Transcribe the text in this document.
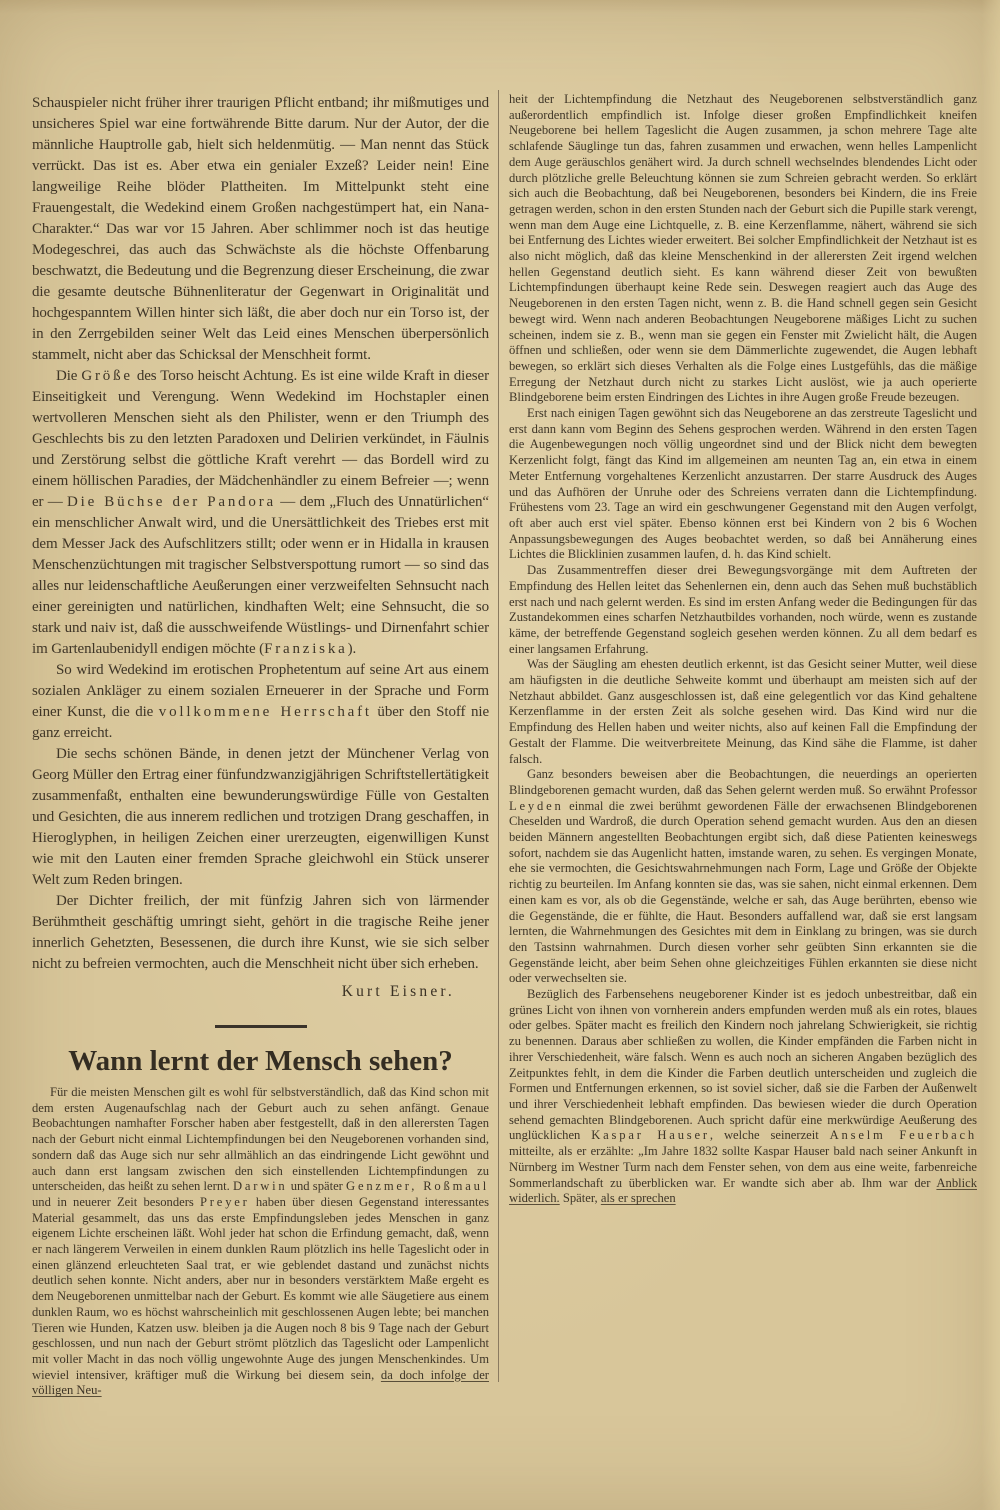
Schauspieler nicht früher ihrer traurigen Pflicht entband; ihr mißmutiges und unsicheres Spiel war eine fortwährende Bitte darum. Nur der Autor, der die männliche Hauptrolle gab, hielt sich heldenmütig. — Man nennt das Stück verrückt. Das ist es. Aber etwa ein genialer Exzeß? Leider nein! Eine langweilige Reihe blöder Plattheiten. Im Mittelpunkt steht eine Frauengestalt, die Wedekind einem Großen nachgestümpert hat, ein Nana-Charakter.“ Das war vor 15 Jahren. Aber schlimmer noch ist das heutige Modegeschrei, das auch das Schwächste als die höchste Offenbarung beschwatzt, die Bedeutung und die Begrenzung dieser Erscheinung, die zwar die gesamte deutsche Bühnenliteratur der Gegenwart in Originalität und hochgespanntem Willen hinter sich läßt, die aber doch nur ein Torso ist, der in den Zerrgebilden seiner Welt das Leid eines Menschen überpersönlich stammelt, nicht aber das Schicksal der Menschheit formt.

Die Größe des Torso heischt Achtung. Es ist eine wilde Kraft in dieser Einseitigkeit und Verengung. Wenn Wedekind im Hochstapler einen wertvolleren Menschen sieht als den Philister, wenn er den Triumph des Geschlechts bis zu den letzten Paradoxen und Delirien verkündet, in Fäulnis und Zerstörung selbst die göttliche Kraft verehrt — das Bordell wird zu einem höllischen Paradies, der Mädchenhändler zu einem Befreier —; wenn er — Die Büchse der Pandora — dem „Fluch des Unnatürlichen“ ein menschlicher Anwalt wird, und die Unersättlichkeit des Triebes erst mit dem Messer Jack des Aufschlitzers stillt; oder wenn er in Hidalla in krausen Menschenzüchtungen mit tragischer Selbstverspottung rumort — so sind das alles nur leidenschaftliche Aeußerungen einer verzweifelten Sehnsucht nach einer gereinigten und natürlichen, kindhaften Welt; eine Sehnsucht, die so stark und naiv ist, daß die ausschweifende Wüstlings- und Dirnenfahrt schier im Gartenlaubenidyll endigen möchte (Franziska).

So wird Wedekind im erotischen Prophetentum auf seine Art aus einem sozialen Ankläger zu einem sozialen Erneuerer in der Sprache und Form einer Kunst, die die vollkommene Herrschaft über den Stoff nie ganz erreicht.

Die sechs schönen Bände, in denen jetzt der Münchener Verlag von Georg Müller den Ertrag einer fünfundzwanzigjährigen Schriftstellertätigkeit zusammenfaßt, enthalten eine bewunderungswürdige Fülle von Gestalten und Gesichten, die aus innerem redlichen und trotzigen Drang geschaffen, in Hieroglyphen, in heiligen Zeichen einer urerzeugten, eigenwilligen Kunst wie mit den Lauten einer fremden Sprache gleichwohl ein Stück unserer Welt zum Reden bringen.

Der Dichter freilich, der mit fünfzig Jahren sich von lärmender Berühmtheit geschäftig umringt sieht, gehört in die tragische Reihe jener innerlich Gehetzten, Besessenen, die durch ihre Kunst, wie sie sich selber nicht zu befreien vermochten, auch die Menschheit nicht über sich erheben.

Kurt Eisner.
Wann lernt der Mensch sehen?

Für die meisten Menschen gilt es wohl für selbstverständlich, daß das Kind schon mit dem ersten Augenaufschlag nach der Geburt auch zu sehen anfängt. Genaue Beobachtungen namhafter Forscher haben aber festgestellt, daß in den allerersten Tagen nach der Geburt nicht einmal Lichtempfindungen bei den Neugeborenen vorhanden sind, sondern daß das Auge sich nur sehr allmählich an das eindringende Licht gewöhnt und auch dann erst langsam zwischen den sich einstellenden Lichtempfindungen zu unterscheiden, das heißt zu sehen lernt. Darwin und später Genzmer, Roßmaul und in neuerer Zeit besonders Preyer haben über diesen Gegenstand interessantes Material gesammelt, das uns das erste Empfindungsleben jedes Menschen in ganz eigenem Lichte erscheinen läßt. Wohl jeder hat schon die Erfindung gemacht, daß, wenn er nach längerem Verweilen in einem dunklen Raum plötzlich ins helle Tageslicht oder in einen glänzend erleuchteten Saal trat, er wie geblendet dastand und zunächst nichts deutlich sehen konnte. Nicht anders, aber nur in besonders verstärktem Maße ergeht es dem Neugeborenen unmittelbar nach der Geburt. Es kommt wie alle Säugetiere aus einem dunklen Raum, wo es höchst wahrscheinlich mit geschlossenen Augen lebte; bei manchen Tieren wie Hunden, Katzen usw. bleiben ja die Augen noch 8 bis 9 Tage nach der Geburt geschlossen, und nun nach der Geburt strömt plötzlich das Tageslicht oder Lampenlicht mit voller Macht in das noch völlig ungewohnte Auge des jungen Menschenkindes. Um wieviel intensiver, kräftiger muß die Wirkung bei diesem sein, da doch infolge der völligen Neu-

heit der Lichtempfindung die Netzhaut des Neugeborenen selbstverständlich ganz außerordentlich empfindlich ist. Infolge dieser großen Empfindlichkeit kneifen Neugeborene bei hellem Tageslicht die Augen zusammen, ja schon mehrere Tage alte schlafende Säuglinge tun das, fahren zusammen und erwachen, wenn helles Lampenlicht dem Auge geräuschlos genähert wird. Ja durch schnell wechselndes blendendes Licht oder durch plötzliche grelle Beleuchtung können sie zum Schreien gebracht werden. So erklärt sich auch die Beobachtung, daß bei Neugeborenen, besonders bei Kindern, die ins Freie getragen werden, schon in den ersten Stunden nach der Geburt sich die Pupille stark verengt, wenn man dem Auge eine Lichtquelle, z. B. eine Kerzenflamme, nähert, während sie sich bei Entfernung des Lichtes wieder erweitert. Bei solcher Empfindlichkeit der Netzhaut ist es also nicht möglich, daß das kleine Menschenkind in der allerersten Zeit irgend welchen hellen Gegenstand deutlich sieht. Es kann während dieser Zeit von bewußten Lichtempfindungen überhaupt keine Rede sein. Deswegen reagiert auch das Auge des Neugeborenen in den ersten Tagen nicht, wenn z. B. die Hand schnell gegen sein Gesicht bewegt wird. Wenn nach anderen Beobachtungen Neugeborene mäßiges Licht zu suchen scheinen, indem sie z. B., wenn man sie gegen ein Fenster mit Zwielicht hält, die Augen öffnen und schließen, oder wenn sie dem Dämmerlichte zugewendet, die Augen lebhaft bewegen, so erklärt sich dieses Verhalten als die Folge eines Lustgefühls, das die mäßige Erregung der Netzhaut durch nicht zu starkes Licht auslöst, wie ja auch operierte Blindgeborene beim ersten Eindringen des Lichtes in ihre Augen große Freude bezeugen.

Erst nach einigen Tagen gewöhnt sich das Neugeborene an das zerstreute Tageslicht und erst dann kann vom Beginn des Sehens gesprochen werden. Während in den ersten Tagen die Augenbewegungen noch völlig ungeordnet sind und der Blick nicht dem bewegten Kerzenlicht folgt, fängt das Kind im allgemeinen am neunten Tag an, ein etwa in einem Meter Entfernung vorgehaltenes Kerzenlicht anzustarren. Der starre Ausdruck des Auges und das Aufhören der Unruhe oder des Schreiens verraten dann die Lichtempfindung. Frühestens vom 23. Tage an wird ein geschwungener Gegenstand mit den Augen verfolgt, oft aber auch erst viel später. Ebenso können erst bei Kindern von 2 bis 6 Wochen Anpassungsbewegungen des Auges beobachtet werden, so daß bei Annäherung eines Lichtes die Blicklinien zusammen laufen, d. h. das Kind schielt.

Das Zusammentreffen dieser drei Bewegungsvorgänge mit dem Auftreten der Empfindung des Hellen leitet das Sehenlernen ein, denn auch das Sehen muß buchstäblich erst nach und nach gelernt werden. Es sind im ersten Anfang weder die Bedingungen für das Zustandekommen eines scharfen Netzhautbildes vorhanden, noch würde, wenn es zustande käme, der betreffende Gegenstand sogleich gesehen werden können. Zu all dem bedarf es einer langsamen Erfahrung.

Was der Säugling am ehesten deutlich erkennt, ist das Gesicht seiner Mutter, weil diese am häufigsten in die deutliche Sehweite kommt und überhaupt am meisten sich auf der Netzhaut abbildet. Ganz ausgeschlossen ist, daß eine gelegentlich vor das Kind gehaltene Kerzenflamme in der ersten Zeit als solche gesehen wird. Das Kind wird nur die Empfindung des Hellen haben und weiter nichts, also auf keinen Fall die Empfindung der Gestalt der Flamme. Die weitverbreitete Meinung, das Kind sähe die Flamme, ist daher falsch.

Ganz besonders beweisen aber die Beobachtungen, die neuerdings an operierten Blindgeborenen gemacht wurden, daß das Sehen gelernt werden muß. So erwähnt Professor Leyden einmal die zwei berühmt gewordenen Fälle der erwachsenen Blindgeborenen Cheselden und Wardroß, die durch Operation sehend gemacht wurden. Aus den an diesen beiden Männern angestellten Beobachtungen ergibt sich, daß diese Patienten keineswegs sofort, nachdem sie das Augenlicht hatten, imstande waren, zu sehen. Es vergingen Monate, ehe sie vermochten, die Gesichtswahrnehmungen nach Form, Lage und Größe der Objekte richtig zu beurteilen. Im Anfang konnten sie das, was sie sahen, nicht einmal erkennen. Dem einen kam es vor, als ob die Gegenstände, welche er sah, das Auge berührten, ebenso wie die Gegenstände, die er fühlte, die Haut. Besonders auffallend war, daß sie erst langsam lernten, die Wahrnehmungen des Gesichtes mit dem in Einklang zu bringen, was sie durch den Tastsinn wahrnahmen. Durch diesen vorher sehr geübten Sinn erkannten sie die Gegenstände leicht, aber beim Sehen ohne gleichzeitiges Fühlen erkannten sie diese nicht oder verwechselten sie.

Bezüglich des Farbensehens neugeborener Kinder ist es jedoch unbestreitbar, daß ein grünes Licht von ihnen von vornherein anders empfunden werden muß als ein rotes, blaues oder gelbes. Später macht es freilich den Kindern noch jahrelang Schwierigkeit, sie richtig zu benennen. Daraus aber schließen zu wollen, die Kinder empfänden die Farben nicht in ihrer Verschiedenheit, wäre falsch. Wenn es auch noch an sicheren Angaben bezüglich des Zeitpunktes fehlt, in dem die Kinder die Farben deutlich unterscheiden und zugleich die Formen und Entfernungen erkennen, so ist soviel sicher, daß sie die Farben der Außenwelt und ihrer Verschiedenheit lebhaft empfinden. Das bewiesen wieder die durch Operation sehend gemachten Blindgeborenen. Auch spricht dafür eine merkwürdige Aeußerung des unglücklichen Kaspar Hauser, welche seinerzeit Anselm Feuerbach mitteilte, als er erzählte: „Im Jahre 1832 sollte Kaspar Hauser bald nach seiner Ankunft in Nürnberg im Westner Turm nach dem Fenster sehen, von dem aus eine weite, farbenreiche Sommerlandschaft zu überblicken war. Er wandte sich aber ab. Ihm war der Anblick widerlich. Später, als er sprechen
